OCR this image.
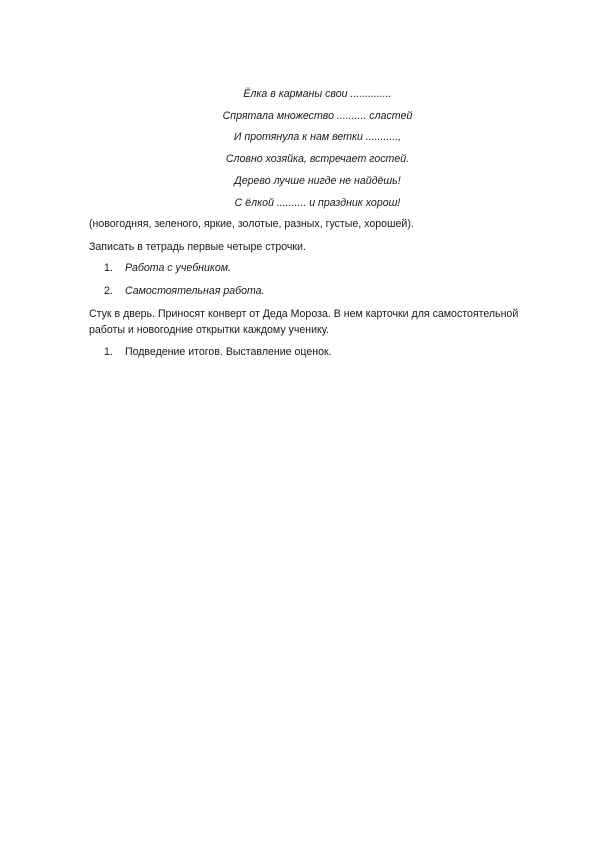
Ёлка в карманы свои ..............
Спрятала множество .......... сластей
И протянула к нам ветки ...........,
Словно хозяйка, встречает гостей.
Дерево лучше нигде не найдёшь!
С ёлкой .......... и праздник хорош!
(новогодняя, зеленого, яркие, золотые, разных, густые, хорошей).
Записать в тетрадь первые четыре строчки.
1. Работа с учебником.
2. Самостоятельная работа.
Стук в дверь. Приносят конверт от Деда Мороза. В нем карточки для самостоятельной работы и новогодние открытки каждому ученику.
1. Подведение итогов. Выставление оценок.
